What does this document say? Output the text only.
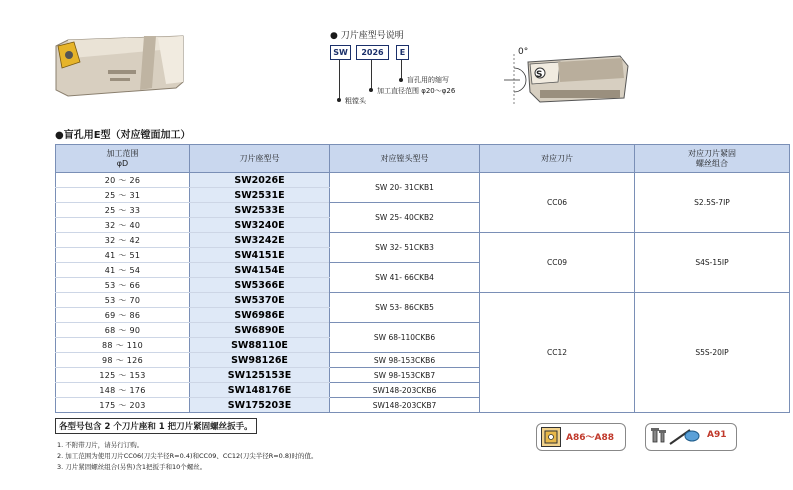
● 刀片座型号说明
SW	2026	E
盲孔用的缩写
加工直径范围 φ20～φ26
粗镗头
0°
S
●盲孔用E型（对应镗面加工）
加工范围
φD	刀片座型号	对应镗头型号	对应刀片	对应刀片紧固
螺丝组合
20 ～ 26	SW2026E	SW 20- 31CKB1	CC06	S2.5S-7IP
25 ～ 31	SW2531E			
25 ～ 33	SW2533E	SW 25- 40CKB2		
32 ～ 40	SW3240E			
32 ～ 42	SW3242E	SW 32- 51CKB3	CC09	S4S-15IP
41 ～ 51	SW4151E			
41 ～ 54	SW4154E	SW 41- 66CKB4		
53 ～ 66	SW5366E			
53 ～ 70	SW5370E	SW 53- 86CKB5	CC12	S5S-20IP
69 ～ 86	SW6986E			
68 ～ 90	SW6890E	SW 68-110CKB6		
88 ～ 110	SW88110E			
98 ～ 126	SW98126E	SW 98-153CKB6		
125 ～ 153	SW125153E	SW 98-153CKB7		
148 ～ 176	SW148176E	SW148-203CKB6		
175 ～ 203	SW175203E	SW148-203CKB7		
各型号包含 2 个刀片座和 1 把刀片紧固螺丝扳手。
1. 不附带刀片，请另行订购。
2. 加工范围为使用刀片CC06(刀尖半径R=0.4)和CC09、CC12(刀尖半径R=0.8)时的值。
3. 刀片紧固螺丝组合(另售)含1把扳手和10个螺丝。
A86～A88	A91
